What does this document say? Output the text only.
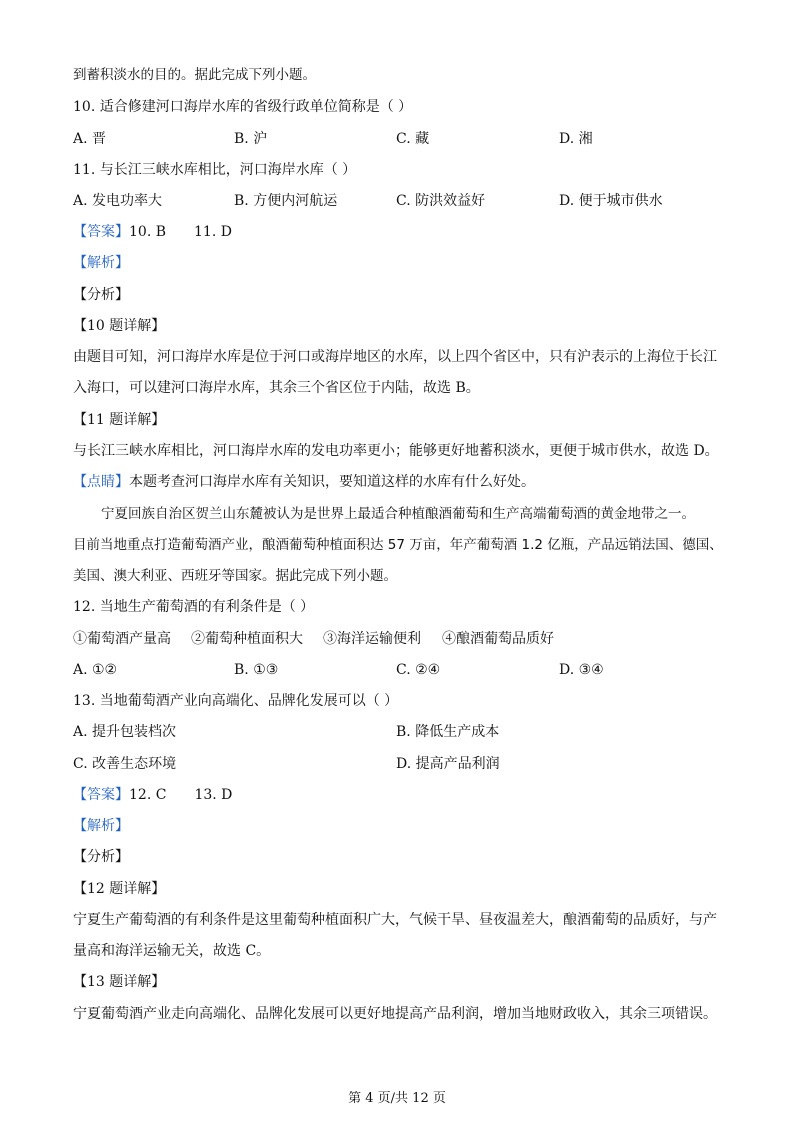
到蓄积淡水的目的。据此完成下列小题。
10. 适合修建河口海岸水库的省级行政单位简称是（ ）
A. 晋	B. 沪	C. 藏	D. 湘
11. 与长江三峡水库相比，河口海岸水库（ ）
A. 发电功率大	B. 方便内河航运	C. 防洪效益好	D. 便于城市供水
【答案】10. B 11. D
【解析】
【分析】
【10 题详解】
由题目可知，河口海岸水库是位于河口或海岸地区的水库，以上四个省区中，只有沪表示的上海位于长江
入海口，可以建河口海岸水库，其余三个省区位于内陆，故选 B。
【11 题详解】
与长江三峡水库相比，河口海岸水库的发电功率更小；能够更好地蓄积淡水，更便于城市供水，故选 D。
【点睛】本题考查河口海岸水库有关知识，要知道这样的水库有什么好处。
宁夏回族自治区贺兰山东麓被认为是世界上最适合种植酿酒葡萄和生产高端葡萄酒的黄金地带之一。
目前当地重点打造葡萄酒产业，酿酒葡萄种植面积达 57 万亩，年产葡萄酒 1.2 亿瓶，产品远销法国、德国、
美国、澳大利亚、西班牙等国家。据此完成下列小题。
12. 当地生产葡萄酒的有利条件是（ ）
①葡萄酒产量高 ②葡萄种植面积大 ③海洋运输便利 ④酿酒葡萄品质好
A. ①②	B. ①③	C. ②④	D. ③④
13. 当地葡萄酒产业向高端化、品牌化发展可以（ ）
A. 提升包装档次	B. 降低生产成本
C. 改善生态环境	D. 提高产品利润
【答案】12. C 13. D
【解析】
【分析】
【12 题详解】
宁夏生产葡萄酒的有利条件是这里葡萄种植面积广大，气候干旱、昼夜温差大，酿酒葡萄的品质好，与产
量高和海洋运输无关，故选 C。
【13 题详解】
宁夏葡萄酒产业走向高端化、品牌化发展可以更好地提高产品利润，增加当地财政收入，其余三项错误。
第 4 页/共 12 页
